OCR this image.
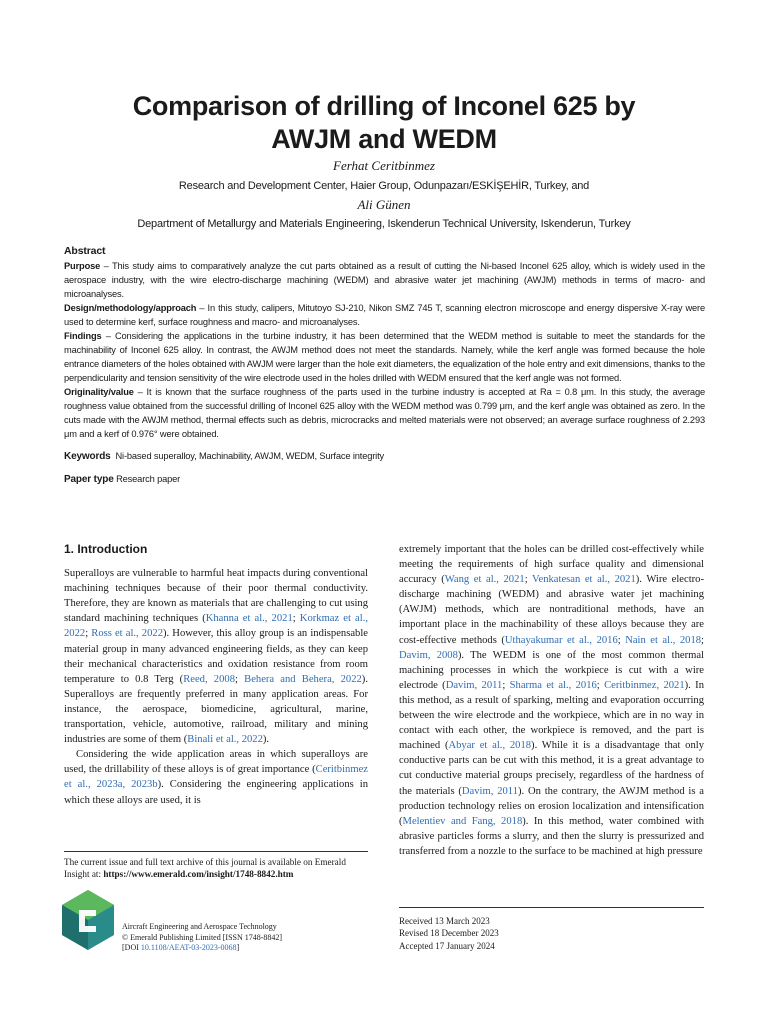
Comparison of drilling of Inconel 625 by
AWJM and WEDM
Ferhat Ceritbinmez
Research and Development Center, Haier Group, Odunpazarı/ESKİŞEHİR, Turkey, and
Ali Günen
Department of Metallurgy and Materials Engineering, Iskenderun Technical University, Iskenderun, Turkey

Abstract

Purpose – This study aims to comparatively analyze the cut parts obtained as a result of cutting the Ni-based Inconel 625 alloy, which is widely used in the aerospace industry, with the wire electro-discharge machining (WEDM) and abrasive water jet machining (AWJM) methods in terms of macro- and microanalyses.

Design/methodology/approach – In this study, calipers, Mitutoyo SJ-210, Nikon SMZ 745 T, scanning electron microscope and energy dispersive X-ray were used to determine kerf, surface roughness and macro- and microanalyses.

Findings – Considering the applications in the turbine industry, it has been determined that the WEDM method is suitable to meet the standards for the machinability of Inconel 625 alloy. In contrast, the AWJM method does not meet the standards. Namely, while the kerf angle was formed because the hole entrance diameters of the holes obtained with AWJM were larger than the hole exit diameters, the equalization of the hole entry and exit dimensions, thanks to the perpendicularity and tension sensitivity of the wire electrode used in the holes drilled with WEDM ensured that the kerf angle was not formed.

Originality/value – It is known that the surface roughness of the parts used in the turbine industry is accepted at Ra = 0.8 μm. In this study, the average roughness value obtained from the successful drilling of Inconel 625 alloy with the WEDM method was 0.799 μm, and the kerf angle was obtained as zero. In the cuts made with the AWJM method, thermal effects such as debris, microcracks and melted materials were not observed; an average surface roughness of 2.293 μm and a kerf of 0.976° were obtained.

Keywords Ni-based superalloy, Machinability, AWJM, WEDM, Surface integrity

Paper type Research paper

1. Introduction

Superalloys are vulnerable to harmful heat impacts during conventional machining techniques because of their poor thermal conductivity. Therefore, they are known as materials that are challenging to cut using standard machining techniques (Khanna et al., 2021; Korkmaz et al., 2022; Ross et al., 2022). However, this alloy group is an indispensable material group in many advanced engineering fields, as they can keep their mechanical characteristics and oxidation resistance from room temperature to 0.8 Terg (Reed, 2008; Behera and Behera, 2022). Superalloys are frequently preferred in many application areas. For instance, the aerospace, biomedicine, agricultural, marine, transportation, vehicle, automotive, railroad, military and mining industries are some of them (Binali et al., 2022).

Considering the wide application areas in which superalloys are used, the drillability of these alloys is of great importance (Ceritbinmez et al., 2023a, 2023b). Considering the engineering applications in which these alloys are used, it is

extremely important that the holes can be drilled cost-effectively while meeting the requirements of high surface quality and dimensional accuracy (Wang et al., 2021; Venkatesan et al., 2021). Wire electro-discharge machining (WEDM) and abrasive water jet machining (AWJM) methods, which are nontraditional methods, have an important place in the machinability of these alloys because they are cost-effective methods (Uthayakumar et al., 2016; Nain et al., 2018; Davim, 2008). The WEDM is one of the most common thermal machining processes in which the workpiece is cut with a wire electrode (Davim, 2011; Sharma et al., 2016; Ceritbinmez, 2021). In this method, as a result of sparking, melting and evaporation occurring between the wire electrode and the workpiece, which are in no way in contact with each other, the workpiece is removed, and the part is machined (Abyar et al., 2018). While it is a disadvantage that only conductive parts can be cut with this method, it is a great advantage to cut conductive material groups precisely, regardless of the hardness of the materials (Davim, 2011). On the contrary, the AWJM method is a production technology relies on erosion localization and intensification (Melentiev and Fang, 2018). In this method, water combined with abrasive particles forms a slurry, and then the slurry is pressurized and transferred from a nozzle to the surface to be machined at high pressure

The current issue and full text archive of this journal is available on Emerald Insight at: https://www.emerald.com/insight/1748-8842.htm
Aircraft Engineering and Aerospace Technology
© Emerald Publishing Limited [ISSN 1748-8842]
[DOI 10.1108/AEAT-03-2023-0068]
Received 13 March 2023
Revised 18 December 2023
Accepted 17 January 2024
